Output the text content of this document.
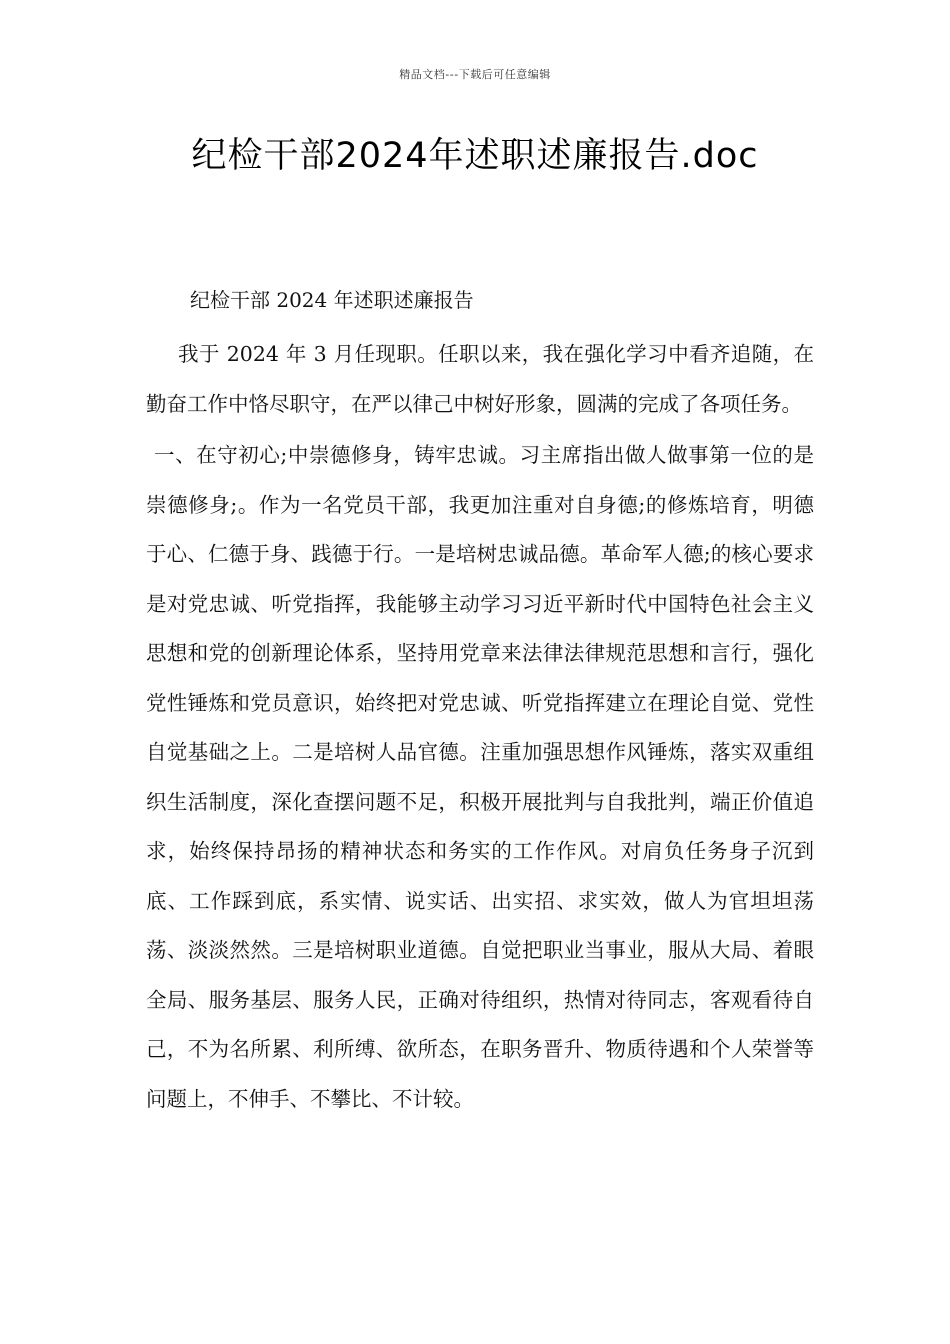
精品文档---下载后可任意编辑
纪检干部2024年述职述廉报告.doc

纪检干部 2024 年述职述廉报告

我于 2024 年 3 月任现职。任职以来，我在强化学习中看齐追随，在勤奋工作中恪尽职守，在严以律己中树好形象，圆满的完成了各项任务。

一、在守初心;中崇德修身，铸牢忠诚。习主席指出做人做事第一位的是崇德修身;。作为一名党员干部，我更加注重对自身德;的修炼培育，明德于心、仁德于身、践德于行。一是培树忠诚品德。革命军人德;的核心要求是对党忠诚、听党指挥，我能够主动学习习近平新时代中国特色社会主义思想和党的创新理论体系，坚持用党章来法律法律规范思想和言行，强化党性锤炼和党员意识，始终把对党忠诚、听党指挥建立在理论自觉、党性自觉基础之上。二是培树人品官德。注重加强思想作风锤炼，落实双重组织生活制度，深化查摆问题不足，积极开展批判与自我批判，端正价值追求，始终保持昂扬的精神状态和务实的工作作风。对肩负任务身子沉到底、工作踩到底，系实情、说实话、出实招、求实效，做人为官坦坦荡荡、淡淡然然。三是培树职业道德。自觉把职业当事业，服从大局、着眼全局、服务基层、服务人民，正确对待组织，热情对待同志，客观看待自己，不为名所累、利所缚、欲所态，在职务晋升、物质待遇和个人荣誉等问题上，不伸手、不攀比、不计较。
